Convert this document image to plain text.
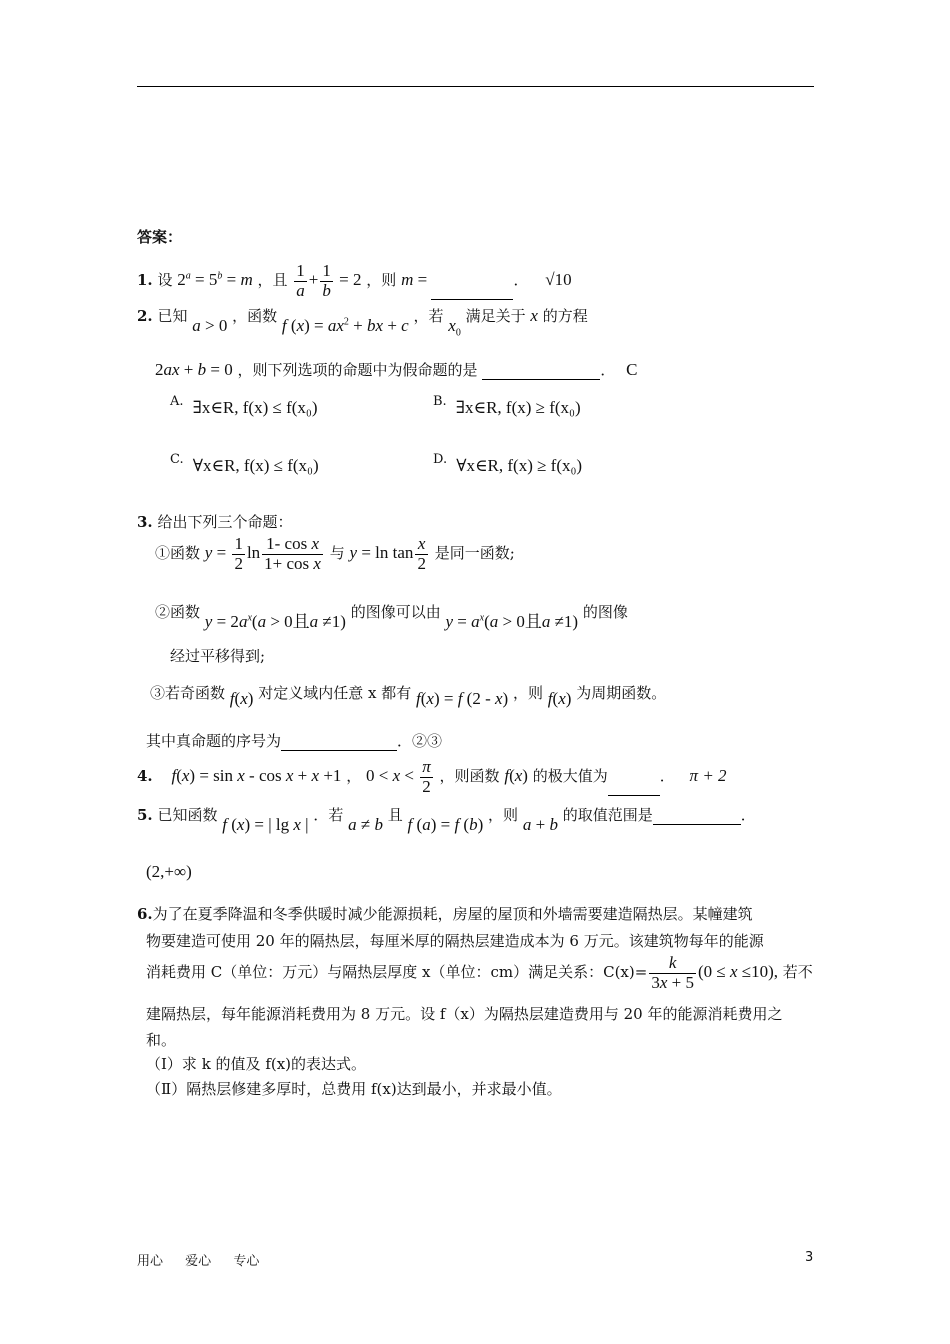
答案：
1. 设 $2^a = 5^b = m$ ，且 $\frac{1}{a} + \frac{1}{b} = 2$ ，则 m =	． √10
2. 已知 a > 0 ，函数 f $(x) = ax^2$ + bx + c ，若 $x_0$ 满足关于 x 的方程
2ax + b = 0 ，则下列选项的命题中为假命题的是	． C
$^{A.}$ ∃x∈R, f(x) ≤ f(x₀)	$^{B.}$ ∃x∈R, f(x) ≥ f(x₀)
$^{C.}$ ∀x∈R, f(x) ≤ f(x₀)	$^{D.}$ ∀x∈R, f(x) ≥ f(x₀)
3. 给出下列三个命题：
①函数 $y = \frac{1}{2}$ $\ln \frac{\text{1- cos x}}{\text{1+ cos x}}$ 与 $y = \ln \tan \frac{x}{2}$ 是同一函数;
②函数 $y = 2a^x(a > 0$且a ≠1) 的图像可以由 $y = a^x(a > 0$且a ≠1) 的图像
经过平移得到;
③若奇函数 f(x) 对定义域内任意 x 都有 f(x) = f (2 - x) ，则 f(x) 为周期函数。
其中真命题的序号为	．②③
4. f(x) = sin x - cos x + x +1 ， $0 < x < \frac{\pi}{2}$ ，则函数 f(x) 的极大值为	． π + 2
5. 已知函数 f (x) = | lg x | ．若 a ≠ b 且 f (a) = f (b) ，则 a + b 的取值范围是	．
(2,+∞)
6.为了在夏季降温和冬季供暖时减少能源损耗，房屋的屋顶和外墙需要建造隔热层。某幢建筑
物要建造可使用 20 年的隔热层，每厘米厚的隔热层建造成本为 6 万元。该建筑物每年的能源
消耗费用 C（单位：万元）与隔热层厚度 x（单位：cm）满足关系：$C(x)= \frac{k}{3x + 5} (0 \le x \le 10)$, 若不
建隔热层，每年能源消耗费用为 8 万元。设 f（x）为隔热层建造费用与 20 年的能源消耗费用之
和。
（Ⅰ）求 k 的值及 f(x)的表达式。
（Ⅱ）隔热层修建多厚时，总费用 f(x)达到最小，并求最小值。
用心 爱心 专心	3
